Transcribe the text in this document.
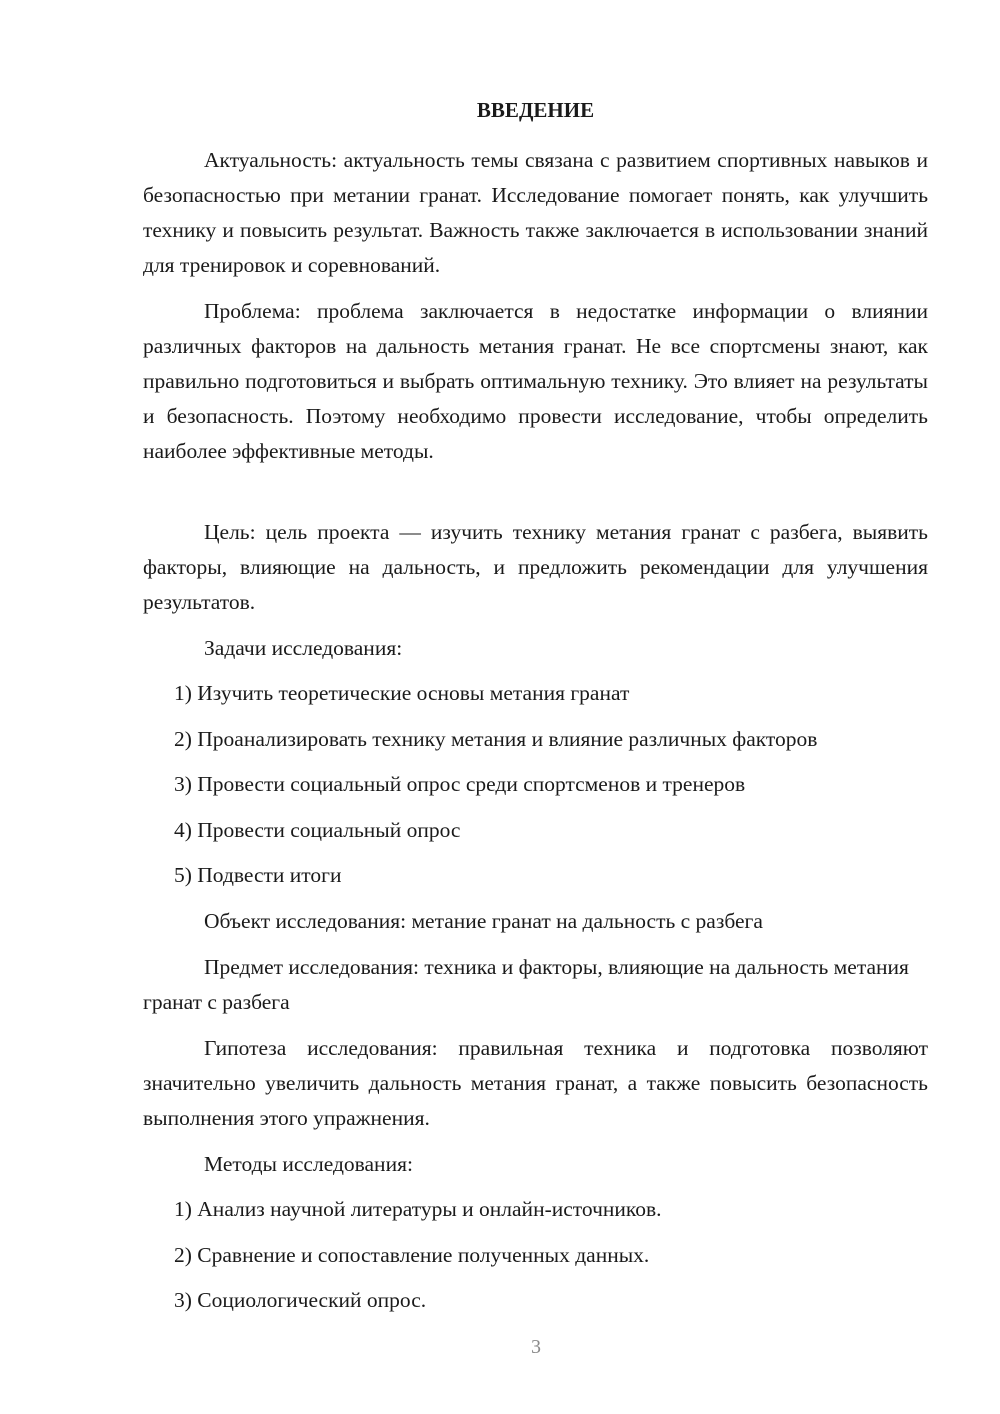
ВВЕДЕНИЕ

Актуальность: актуальность темы связана с развитием спортивных навыков и безопасностью при метании гранат. Исследование помогает понять, как улучшить технику и повысить результат. Важность также заключается в использовании знаний для тренировок и соревнований.

Проблема: проблема заключается в недостатке информации о влиянии различных факторов на дальность метания гранат. Не все спортсмены знают, как правильно подготовиться и выбрать оптимальную технику. Это влияет на результаты и безопасность. Поэтому необходимо провести исследование, чтобы определить наиболее эффективные методы.

Цель: цель проекта — изучить технику метания гранат с разбега, выявить факторы, влияющие на дальность, и предложить рекомендации для улучшения результатов.

Задачи исследования:

1) Изучить теоретические основы метания гранат

2) Проанализировать технику метания и влияние различных факторов

3) Провести социальный опрос среди спортсменов и тренеров

4) Провести социальный опрос

5) Подвести итоги

Объект исследования: метание гранат на дальность с разбега

Предмет исследования: техника и факторы, влияющие на дальность метания гранат с разбега

Гипотеза исследования: правильная техника и подготовка позволяют значительно увеличить дальность метания гранат, а также повысить безопасность выполнения этого упражнения.

Методы исследования:

1) Анализ научной литературы и онлайн-источников.

2) Сравнение и сопоставление полученных данных.

3) Социологический опрос.

3
